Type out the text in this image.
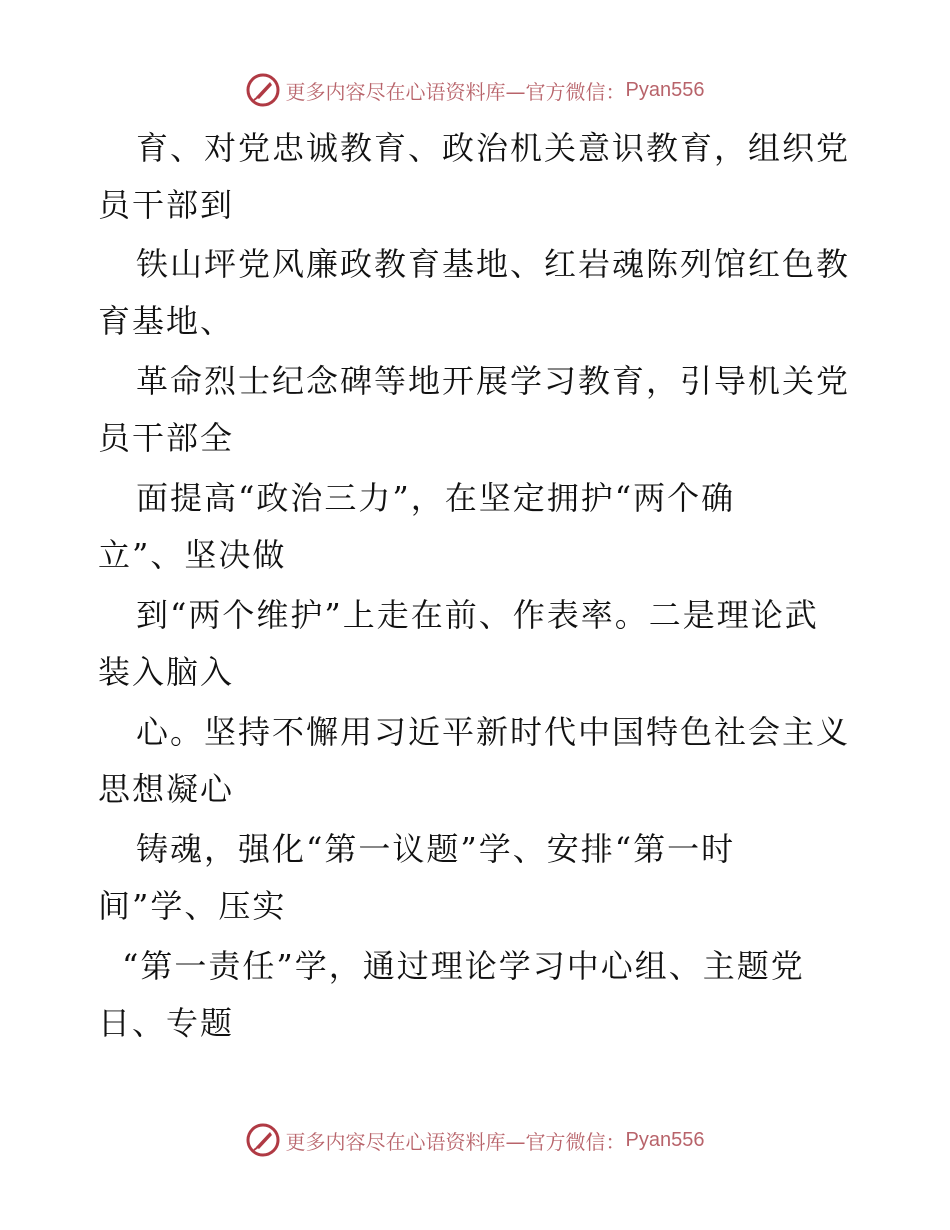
更多内容尽在心语资料库—官方微信： Pyan556
育、对党忠诚教育、政治机关意识教育，组织党
员干部到
铁山坪党风廉政教育基地、红岩魂陈列馆红色教
育基地、
革命烈士纪念碑等地开展学习教育，引导机关党
员干部全
面提高“政治三力”，在坚定拥护“两个确
立”、坚决做
到“两个维护”上走在前、作表率。二是理论武
装入脑入
心。坚持不懈用习近平新时代中国特色社会主义
思想凝心
铸魂，强化“第一议题”学、安排“第一时
间”学、压实
“第一责任”学，通过理论学习中心组、主题党
日、专题
更多内容尽在心语资料库—官方微信： Pyan556
